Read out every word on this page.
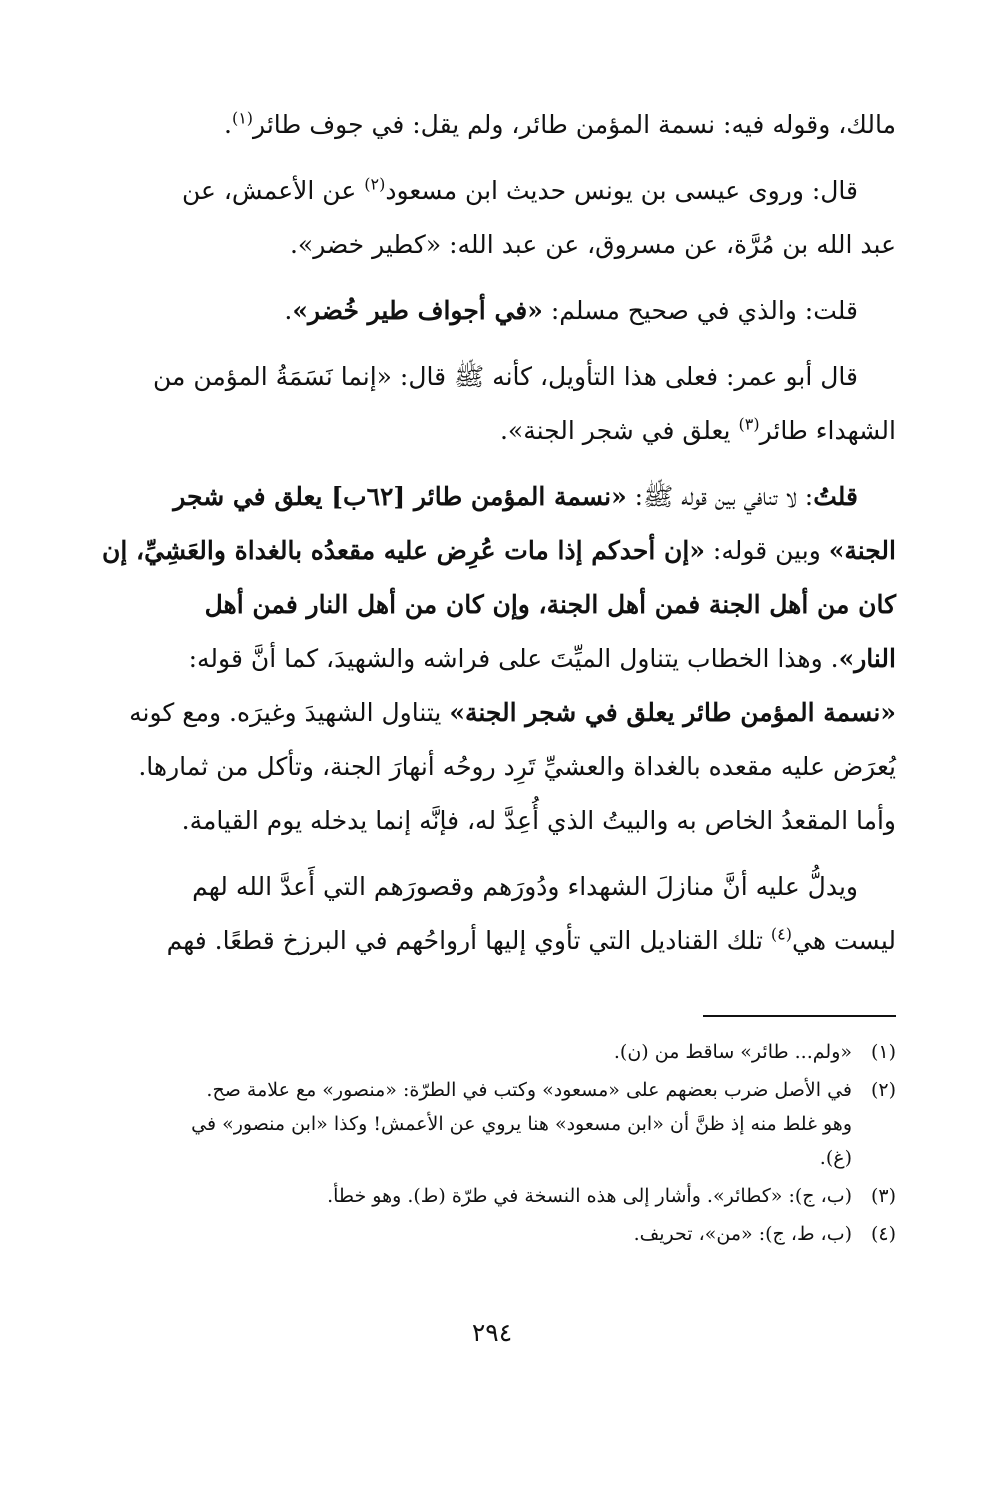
مالك، وقوله فيه: نسمة المؤمن طائر، ولم يقل: في جوف طائر$^{(١)}$.

قال: وروى عيسى بن يونس حديث ابن مسعود$^{(٢)}$ عن الأعمش، عن
عبد الله بن مُرَّة، عن مسروق، عن عبد الله: «كطير خضر».

قلت: والذي في صحيح مسلم: «في أجواف طير خُضر».

قال أبو عمر: فعلى هذا التأويل، كأنه ﷺ قال: «إنما نَسَمَةُ المؤمن من
الشهداء طائر$^{(٣)}$ يعلق في شجر الجنة».

قلتُ: لا تنافي بين قوله ﷺ: «نسمة المؤمن طائر [٦٢ب] يعلق في شجر
الجنة» وبين قوله: «إن أحدكم إذا مات عُرِض عليه مقعدُه بالغداة والعَشِيِّ، إن
كان من أهل الجنة فمن أهل الجنة، وإن كان من أهل النار فمن أهل
النار». وهذا الخطاب يتناول الميِّتَ على فراشه والشهيدَ، كما أنَّ قوله:
«نسمة المؤمن طائر يعلق في شجر الجنة» يتناول الشهيدَ وغيرَه. ومع كونه
يُعرَض عليه مقعده بالغداة والعشيِّ تَرِد روحُه أنهارَ الجنة، وتأكل من ثمارها.
وأما المقعدُ الخاص به والبيتُ الذي أُعِدَّ له، فإنَّه إنما يدخله يوم القيامة.

ويدلُّ عليه أنَّ منازلَ الشهداء ودُورَهم وقصورَهم التي أَعدَّ الله لهم
ليست هي$^{(٤)}$ تلك القناديل التي تأوي إليها أرواحُهم في البرزخ قطعًا. فهم

(١)
«ولم... طائر» ساقط من (ن).
(٢)
في الأصل ضرب بعضهم على «مسعود» وكتب في الطرّة: «منصور» مع علامة صح.
وهو غلط منه إذ ظنَّ أن «ابن مسعود» هنا يروي عن الأعمش! وكذا «ابن منصور» في
(غ).
(٣)
(ب، ج): «كطائر». وأشار إلى هذه النسخة في طرّة (ط). وهو خطأ.
(٤)
(ب، ط، ج): «من»، تحريف.
٢٩٤
